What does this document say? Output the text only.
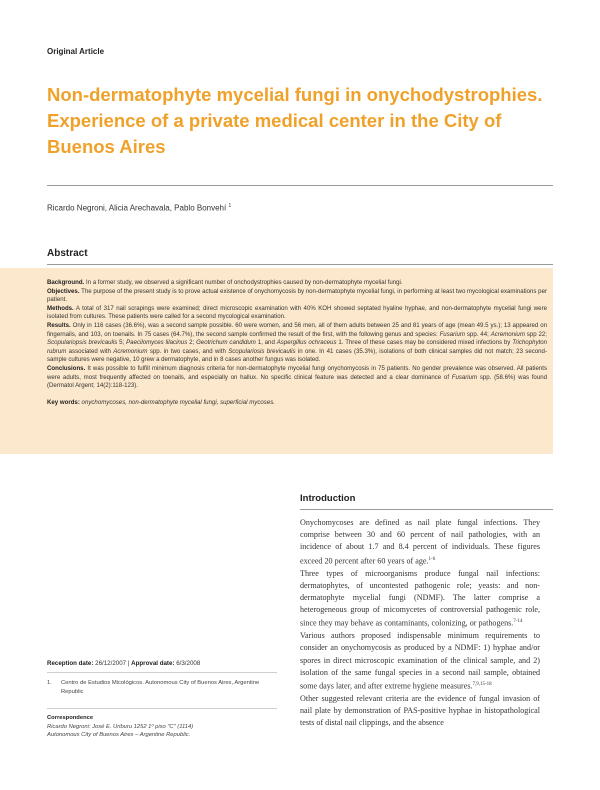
Original Article
Non-dermatophyte mycelial fungi in onychodystrophies. Experience of a private medical center in the City of Buenos Aires
Ricardo Negroni, Alicia Arechavala, Pablo Bonvehí $^1$
Abstract

Background. In a former study, we observed a significant number of onchodystrophies caused by non-dermatophyte mycelial fungi.

Objectives. The purpose of the present study is to prove actual existence of onychomycosis by non-dermatophyte mycelial fungi, in performing at least two mycological examinations per patient.

Methods. A total of 317 nail scrapings were examined; direct microscopic examination with 40% KOH showed septated hyaline hyphae, and non-dermatophyte mycelial fungi were isolated from cultures. These patients were called for a second mycological examination.

Results. Only in 116 cases (36.6%), was a second sample possible. 60 were women, and 56 men, all of them adults between 25 and 81 years of age (mean 49.5 ys.); 13 appeared on fingernails, and 103, on toenails. In 75 cases (64.7%), the second sample confirmed the result of the first, with the following genus and species: Fusarium spp. 44; Acremonium spp 22; Scopulariopsis brevicaulis 5; Paecilomyces lilacinus 2; Geotrichum candidum 1, and Aspergillus ochraceus 1. Three of these cases may be considered mixed infections by Trichophyton rubrum associated with Acremonium spp. in two cases, and with Scopulariosis brevicaulis in one. In 41 cases (35.3%), isolations of both clinical samples did not match; 23 second-sample cultures were negative, 10 grew a dermatophyte, and in 8 cases another fungus was isolated.

Conclusions. It was possible to fulfill minimum diagnosis criteria for non-dermatophyte mycelial fungi onychomycosis in 75 patients. No gender prevalence was observed. All patients were adults, most frequently affected on toenails, and especially on hallux. No specific clinical feature was detected and a clear dominance of Fusarium spp. (58.6%) was found (Dermatol Argent; 14(2):118-123).

Key words: onychomycoses, non-dermatophyte mycelial fungi, superficial mycoses.

Introduction

Onychomycoses are defined as nail plate fungal infections. They comprise between 30 and 60 percent of nail pathologies, with an incidence of about 1.7 and 8.4 percent of individuals. These figures exceed 20 percent after 60 years of age.$^{1-6}$

Three types of microorganisms produce fungal nail infections: dermatophytes, of uncontested pathogenic role; yeasts: and non-dermatophyte mycelial fungi (NDMF). The latter comprise a heterogeneous group of micomycetes of controversial pathogenic role, since they may behave as contaminants, colonizing, or pathogens.$^{7-14}$

Various authors proposed indispensable minimum requirements to consider an onychomycosis as produced by a NDMF: 1) hyphae and/or spores in direct microscopic examination of the clinical sample, and 2) isolation of the same fungal species in a second nail sample, obtained some days later, and after extreme hygiene measures.$^{7,9,15-18}$

Other suggested relevant criteria are the evidence of fungal invasion of nail plate by demonstration of PAS-positive hyphae in histopathological tests of distal nail clippings, and the absence

Reception date: 26/12/2007 | Approval date: 6/3/2008
1. Centro de Estudios Micológicos. Autonomous City of Buenos Aires, Argentine Republic
Correspondence
Ricardo Negroni: José E. Uriburu 1252 1º piso "C" (1114)
Autonomous City of Buenos Aires – Argentine Republic.
